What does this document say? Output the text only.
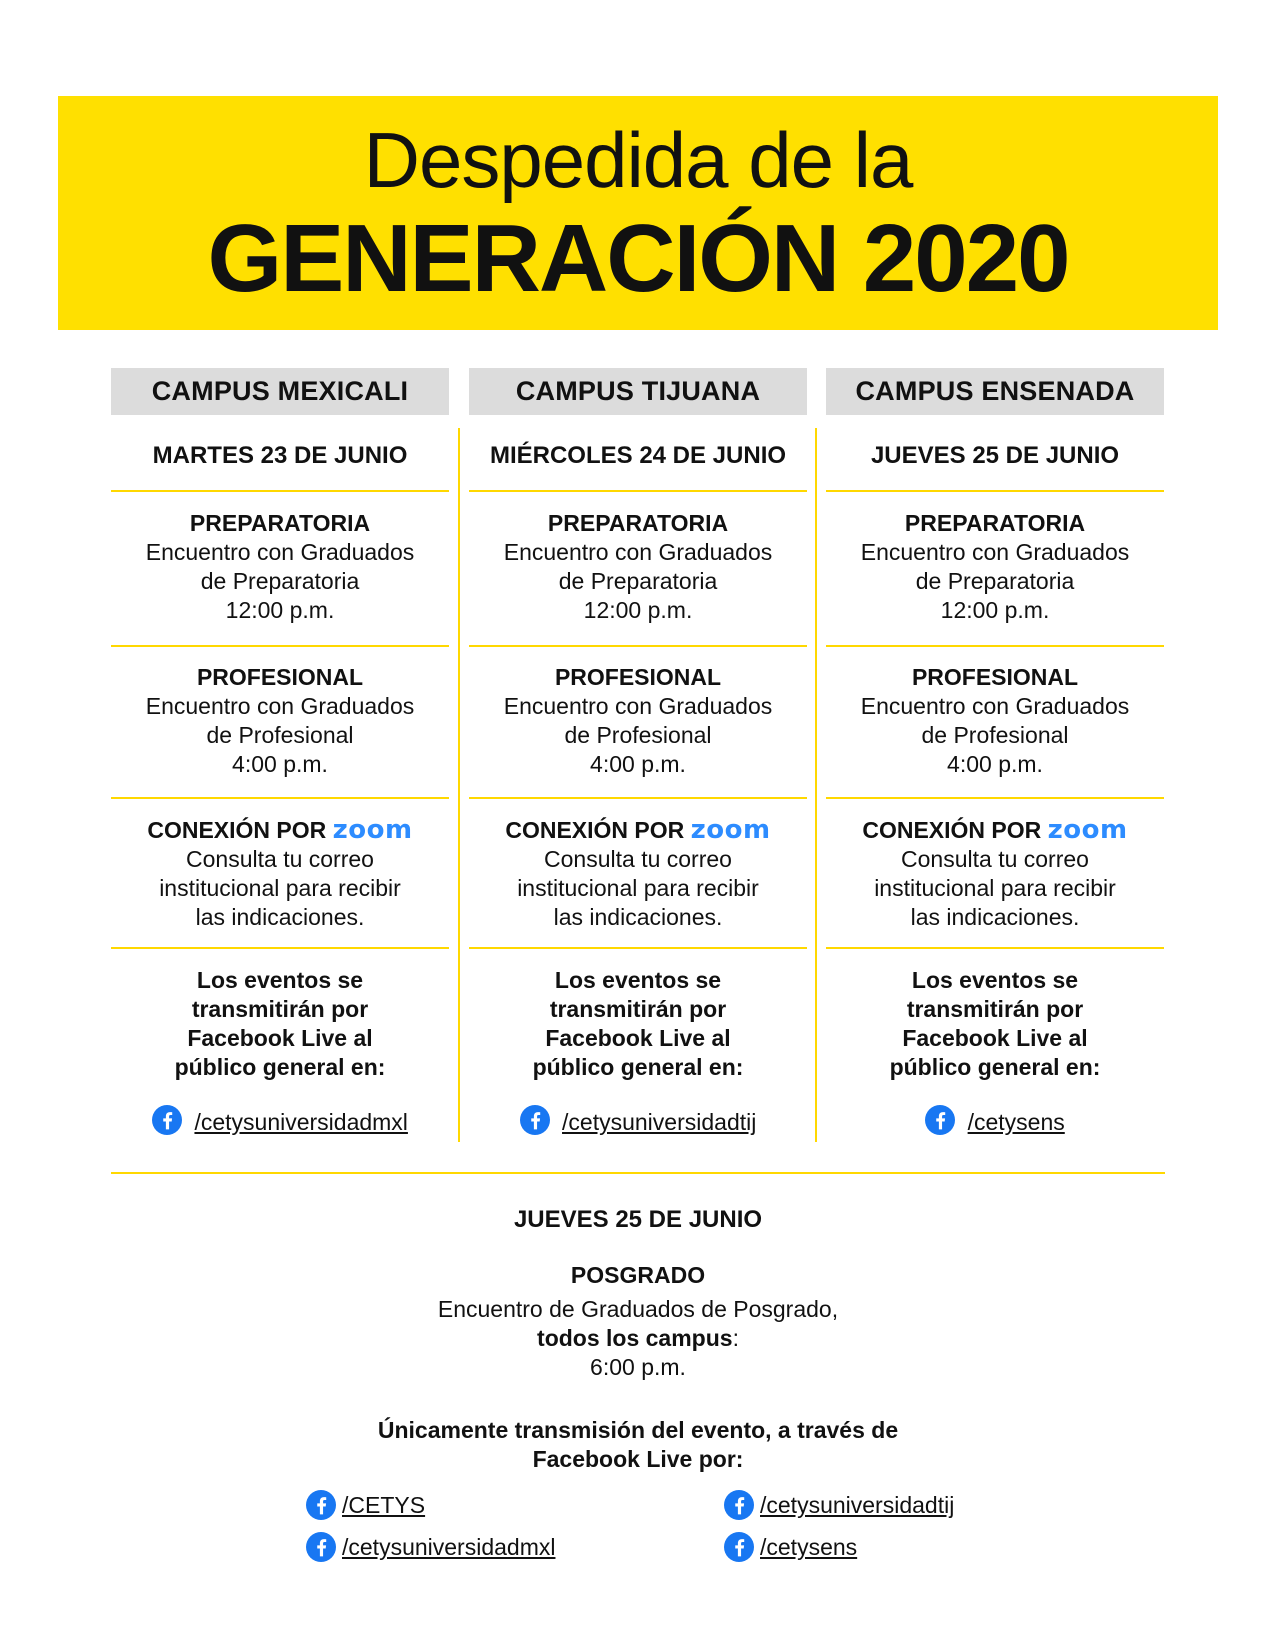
Despedida de la
GENERACIÓN 2020
CAMPUS MEXICALI
MARTES 23 DE JUNIO
PREPARATORIA
Encuentro con Graduados
de Preparatoria
12:00 p.m.
PROFESIONAL
Encuentro con Graduados
de Profesional
4:00 p.m.
CONEXIÓN POR zoom
Consulta tu correo
institucional para recibir
las indicaciones.
Los eventos se
transmitirán por
Facebook Live al
público general en:
/cetysuniversidadmxl
CAMPUS TIJUANA
MIÉRCOLES 24 DE JUNIO
PREPARATORIA
Encuentro con Graduados
de Preparatoria
12:00 p.m.
PROFESIONAL
Encuentro con Graduados
de Profesional
4:00 p.m.
CONEXIÓN POR zoom
Consulta tu correo
institucional para recibir
las indicaciones.
Los eventos se
transmitirán por
Facebook Live al
público general en:
/cetysuniversidadtij
CAMPUS ENSENADA
JUEVES 25 DE JUNIO
PREPARATORIA
Encuentro con Graduados
de Preparatoria
12:00 p.m.
PROFESIONAL
Encuentro con Graduados
de Profesional
4:00 p.m.
CONEXIÓN POR zoom
Consulta tu correo
institucional para recibir
las indicaciones.
Los eventos se
transmitirán por
Facebook Live al
público general en:
/cetysens
JUEVES 25 DE JUNIO
POSGRADO
Encuentro de Graduados de Posgrado,
todos los campus:
6:00 p.m.
Únicamente transmisión del evento, a través de
Facebook Live por:
/CETYS
/cetysuniversidadmxl
/cetysuniversidadtij
/cetysens
